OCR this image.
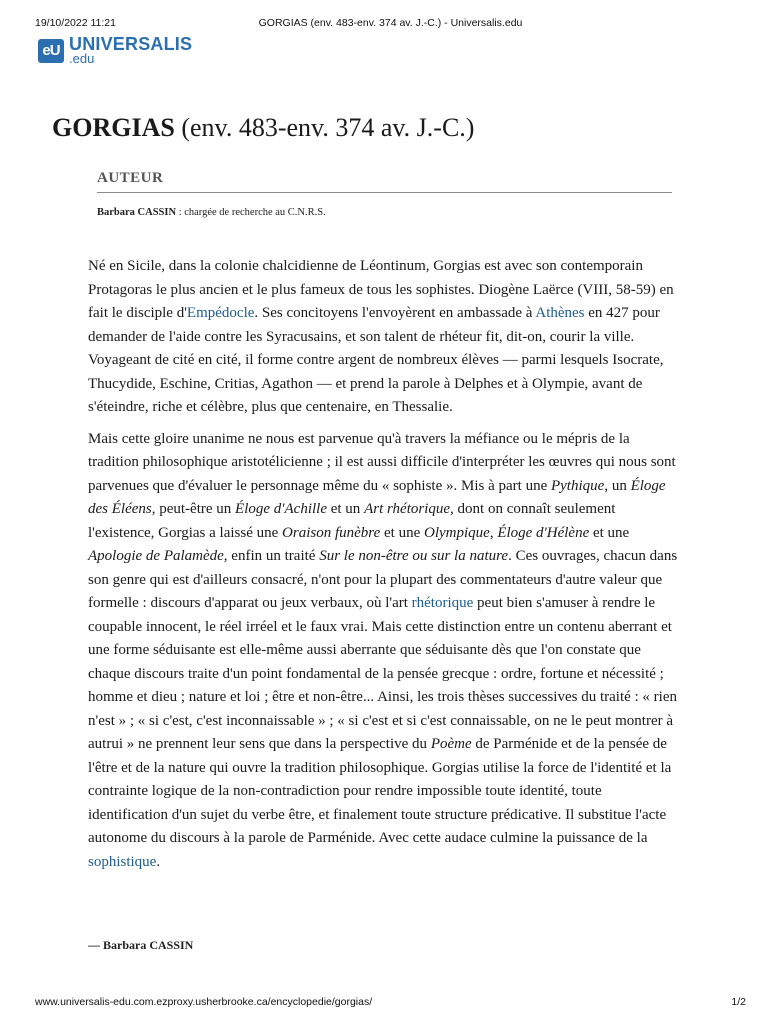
19/10/2022 11:21	GORGIAS (env. 483-env. 374 av. J.-C.) - Universalis.edu
eU UNIVERSALIS
.edu
GORGIAS (env. 483-env. 374 av. J.-C.)
AUTEUR
Barbara CASSIN : chargée de recherche au C.N.R.S.

Né en Sicile, dans la colonie chalcidienne de Léontinum, Gorgias est avec son contemporain Protagoras le plus ancien et le plus fameux de tous les sophistes. Diogène Laërce (VIII, 58-59) en fait le disciple d'Empédocle. Ses concitoyens l'envoyèrent en ambassade à Athènes en 427 pour demander de l'aide contre les Syracusains, et son talent de rhéteur fit, dit-on, courir la ville. Voyageant de cité en cité, il forme contre argent de nombreux élèves — parmi lesquels Isocrate, Thucydide, Eschine, Critias, Agathon — et prend la parole à Delphes et à Olympie, avant de s'éteindre, riche et célèbre, plus que centenaire, en Thessalie.

Mais cette gloire unanime ne nous est parvenue qu'à travers la méfiance ou le mépris de la tradition philosophique aristotélicienne ; il est aussi difficile d'interpréter les œuvres qui nous sont parvenues que d'évaluer le personnage même du « sophiste ». Mis à part une Pythique, un Éloge des Éléens, peut-être un Éloge d'Achille et un Art rhétorique, dont on connaît seulement l'existence, Gorgias a laissé une Oraison funèbre et une Olympique, Éloge d'Hélène et une Apologie de Palamède, enfin un traité Sur le non-être ou sur la nature. Ces ouvrages, chacun dans son genre qui est d'ailleurs consacré, n'ont pour la plupart des commentateurs d'autre valeur que formelle : discours d'apparat ou jeux verbaux, où l'art rhétorique peut bien s'amuser à rendre le coupable innocent, le réel irréel et le faux vrai. Mais cette distinction entre un contenu aberrant et une forme séduisante est elle-même aussi aberrante que séduisante dès que l'on constate que chaque discours traite d'un point fondamental de la pensée grecque : ordre, fortune et nécessité ; homme et dieu ; nature et loi ; être et non-être... Ainsi, les trois thèses successives du traité : « rien n'est » ; « si c'est, c'est inconnaissable » ; « si c'est et si c'est connaissable, on ne le peut montrer à autrui » ne prennent leur sens que dans la perspective du Poème de Parménide et de la pensée de l'être et de la nature qui ouvre la tradition philosophique. Gorgias utilise la force de l'identité et la contrainte logique de la non-contradiction pour rendre impossible toute identité, toute identification d'un sujet du verbe être, et finalement toute structure prédicative. Il substitue l'acte autonome du discours à la parole de Parménide. Avec cette audace culmine la puissance de la sophistique.

— Barbara CASSIN
www.universalis-edu.com.ezproxy.usherbrooke.ca/encyclopedie/gorgias/	1/2
